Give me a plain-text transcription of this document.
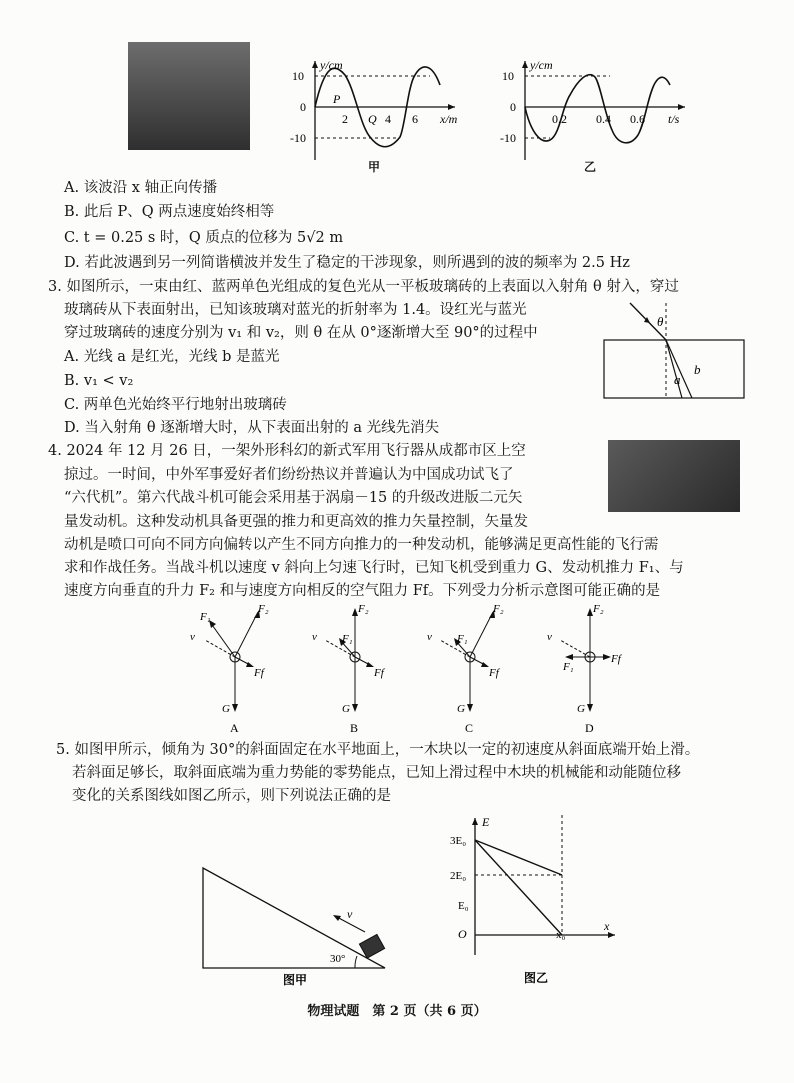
y/cm
x/m
10
0
-10
2	4 6
P
Q
甲
y/cm
t/s
10
0
-10
0.2 0.4 0.6
乙
A. 该波沿 x 轴正向传播
B. 此后 P、Q 两点速度始终相等
C. t = 0.25 s 时，Q 质点的位移为 5√2 m
D. 若此波遇到另一列简谐横波并发生了稳定的干涉现象，则所遇到的波的频率为 2.5 Hz
3. 如图所示，一束由红、蓝两单色光组成的复色光从一平板玻璃砖的上表面以入射角 θ 射入，穿过
玻璃砖从下表面射出，已知该玻璃对蓝光的折射率为 1.4。设红光与蓝光
穿过玻璃砖的速度分别为 v₁ 和 v₂，则 θ 在从 0°逐渐增大至 90°的过程中
A. 光线 a 是红光，光线 b 是蓝光
B. v₁ < v₂
C. 两单色光始终平行地射出玻璃砖
D. 当入射角 θ 逐渐增大时，从下表面出射的 a 光线先消失
θ
a
b
4. 2024 年 12 月 26 日，一架外形科幻的新式军用飞行器从成都市区上空
掠过。一时间，中外军事爱好者们纷纷热议并普遍认为中国成功试飞了
“六代机”。第六代战斗机可能会采用基于涡扇－15 的升级改进版二元矢
量发动机。这种发动机具备更强的推力和更高效的推力矢量控制，矢量发
动机是喷口可向不同方向偏转以产生不同方向推力的一种发动机，能够满足更高性能的飞行需
求和作战任务。当战斗机以速度 v 斜向上匀速飞行时，已知飞机受到重力 G、发动机推力 F₁、与
速度方向垂直的升力 F₂ 和与速度方向相反的空气阻力 Ff。下列受力分析示意图可能正确的是
F₁
F₂
v
Ff
G
A
F₁
F₂
v
Ff
G
B
F₁
F₂
v
Ff
G
C
F₁
F₂
v
Ff
G
D
5. 如图甲所示，倾角为 30°的斜面固定在水平地面上，一木块以一定的初速度从斜面底端开始上滑。
若斜面足够长，取斜面底端为重力势能的零势能点，已知上滑过程中木块的机械能和动能随位移
变化的关系图线如图乙所示，则下列说法正确的是
v
30°
图甲
E
x
3E₀
2E₀
E₀
O	x₀
图乙
物理试题　第 2 页（共 6 页）
